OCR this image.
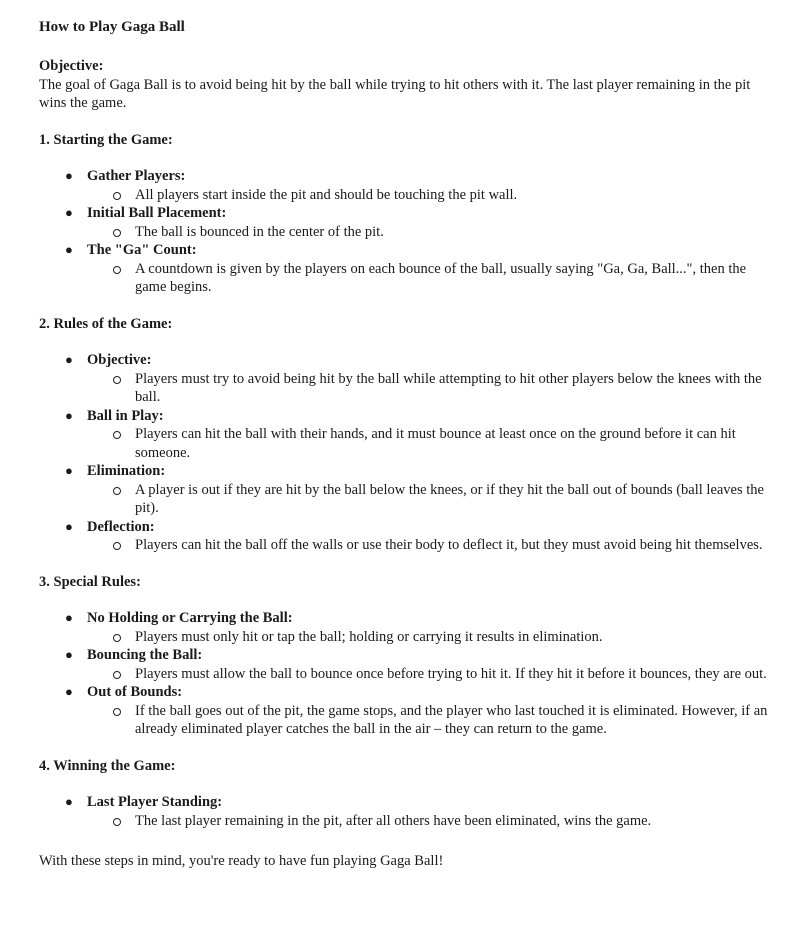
How to Play Gaga Ball
Objective:

The goal of Gaga Ball is to avoid being hit by the ball while trying to hit others with it. The last player remaining in the pit wins the game.

1. Starting the Game:
● Gather Players:
All players start inside the pit and should be touching the pit wall.
● Initial Ball Placement:
The ball is bounced in the center of the pit.
● The "Ga" Count:
A countdown is given by the players on each bounce of the ball, usually saying "Ga, Ga, Ball...", then the game begins.
2. Rules of the Game:
● Objective:
Players must try to avoid being hit by the ball while attempting to hit other players below the knees with the ball.
● Ball in Play:
Players can hit the ball with their hands, and it must bounce at least once on the ground before it can hit someone.
● Elimination:
A player is out if they are hit by the ball below the knees, or if they hit the ball out of bounds (ball leaves the pit).
● Deflection:
Players can hit the ball off the walls or use their body to deflect it, but they must avoid being hit themselves.
3. Special Rules:
● No Holding or Carrying the Ball:
Players must only hit or tap the ball; holding or carrying it results in elimination.
● Bouncing the Ball:
Players must allow the ball to bounce once before trying to hit it. If they hit it before it bounces, they are out.
● Out of Bounds:
If the ball goes out of the pit, the game stops, and the player who last touched it is eliminated. However, if an already eliminated player catches the ball in the air – they can return to the game.
4. Winning the Game:
● Last Player Standing:
The last player remaining in the pit, after all others have been eliminated, wins the game.

With these steps in mind, you're ready to have fun playing Gaga Ball!
